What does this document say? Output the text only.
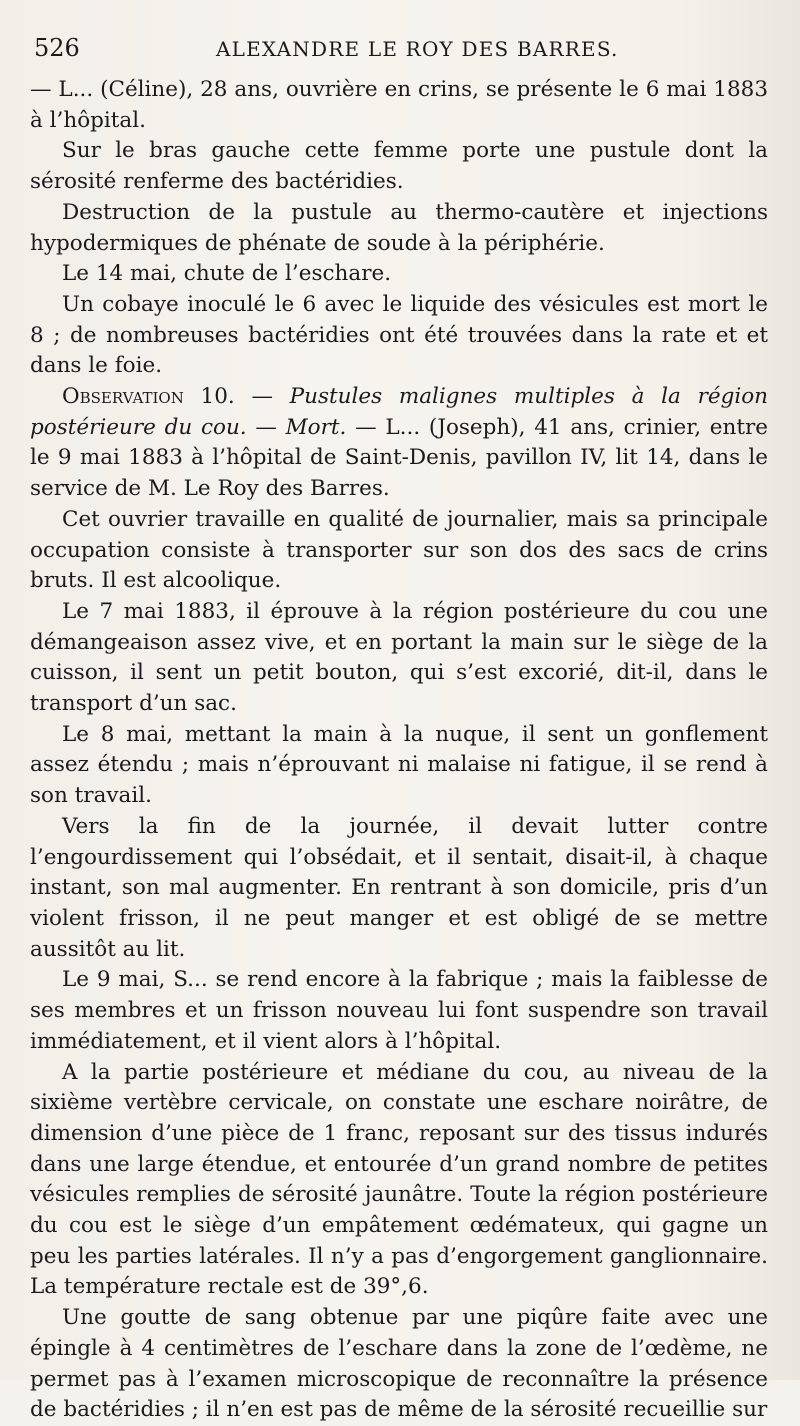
526	ALEXANDRE LE ROY DES BARRES.

— L... (Céline), 28 ans, ouvrière en crins, se présente le 6 mai 1883 à l’hôpital.

Sur le bras gauche cette femme porte une pustule dont la sérosité renferme des bactéridies.

Destruction de la pustule au thermo-cautère et injections hypodermiques de phénate de soude à la périphérie.

Le 14 mai, chute de l’eschare.

Un cobaye inoculé le 6 avec le liquide des vésicules est mort le 8 ; de nombreuses bactéridies ont été trouvées dans la rate et et dans le foie.

Observation 10. — Pustules malignes multiples à la région postérieure du cou. — Mort. — L... (Joseph), 41 ans, crinier, entre le 9 mai 1883 à l’hôpital de Saint-Denis, pavillon IV, lit 14, dans le service de M. Le Roy des Barres.

Cet ouvrier travaille en qualité de journalier, mais sa principale occupation consiste à transporter sur son dos des sacs de crins bruts. Il est alcoolique.

Le 7 mai 1883, il éprouve à la région postérieure du cou une démangeaison assez vive, et en portant la main sur le siège de la cuisson, il sent un petit bouton, qui s’est excorié, dit-il, dans le transport d’un sac.

Le 8 mai, mettant la main à la nuque, il sent un gonflement assez étendu ; mais n’éprouvant ni malaise ni fatigue, il se rend à son travail.

Vers la fin de la journée, il devait lutter contre l’engourdissement qui l’obsédait, et il sentait, disait-il, à chaque instant, son mal augmenter. En rentrant à son domicile, pris d’un violent frisson, il ne peut manger et est obligé de se mettre aussitôt au lit.

Le 9 mai, S... se rend encore à la fabrique ; mais la faiblesse de ses membres et un frisson nouveau lui font suspendre son travail immédiatement, et il vient alors à l’hôpital.

A la partie postérieure et médiane du cou, au niveau de la sixième vertèbre cervicale, on constate une eschare noirâtre, de dimension d’une pièce de 1 franc, reposant sur des tissus indurés dans une large étendue, et entourée d’un grand nombre de petites vésicules remplies de sérosité jaunâtre. Toute la région postérieure du cou est le siège d’un empâtement œdémateux, qui gagne un peu les parties latérales. Il n’y a pas d’engorgement ganglionnaire. La température rectale est de 39°,6.

Une goutte de sang obtenue par une piqûre faite avec une épingle à 4 centimètres de l’eschare dans la zone de l’œdème, ne permet pas à l’examen microscopique de reconnaître la présence de bactéridies ; il n’en est pas de même de la sérosité recueillie sur
